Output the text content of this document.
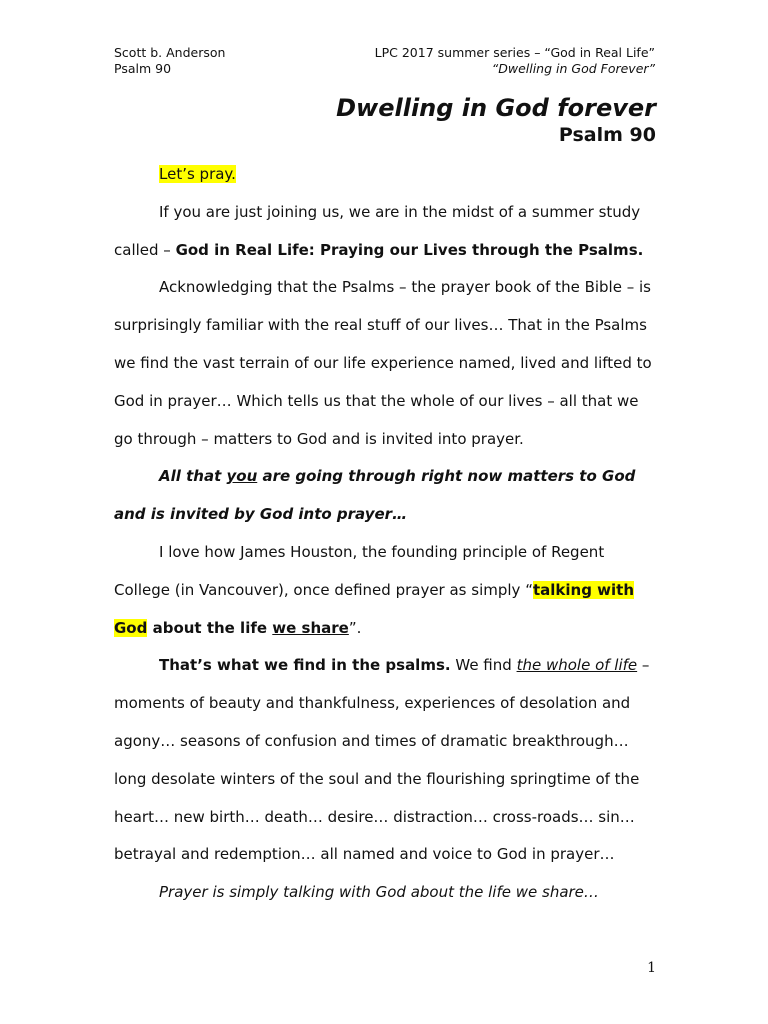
Scott b. Anderson
Psalm 90
LPC 2017 summer series – “God in Real Life”
“Dwelling in God Forever”
Dwelling in God forever
Psalm 90

Let’s pray.

If you are just joining us, we are in the midst of a summer study called – God in Real Life: Praying our Lives through the Psalms.

Acknowledging that the Psalms – the prayer book of the Bible – is surprisingly familiar with the real stuff of our lives… That in the Psalms we find the vast terrain of our life experience named, lived and lifted to God in prayer… Which tells us that the whole of our lives – all that we go through – matters to God and is invited into prayer.

All that you are going through right now matters to God and is invited by God into prayer…

I love how James Houston, the founding principle of Regent College (in Vancouver), once defined prayer as simply “talking with God about the life we share”.

That’s what we find in the psalms. We find the whole of life – moments of beauty and thankfulness, experiences of desolation and agony… seasons of confusion and times of dramatic breakthrough… long desolate winters of the soul and the flourishing springtime of the heart… new birth… death… desire… distraction… cross-roads… sin… betrayal and redemption… all named and voice to God in prayer…

Prayer is simply talking with God about the life we share…

1
